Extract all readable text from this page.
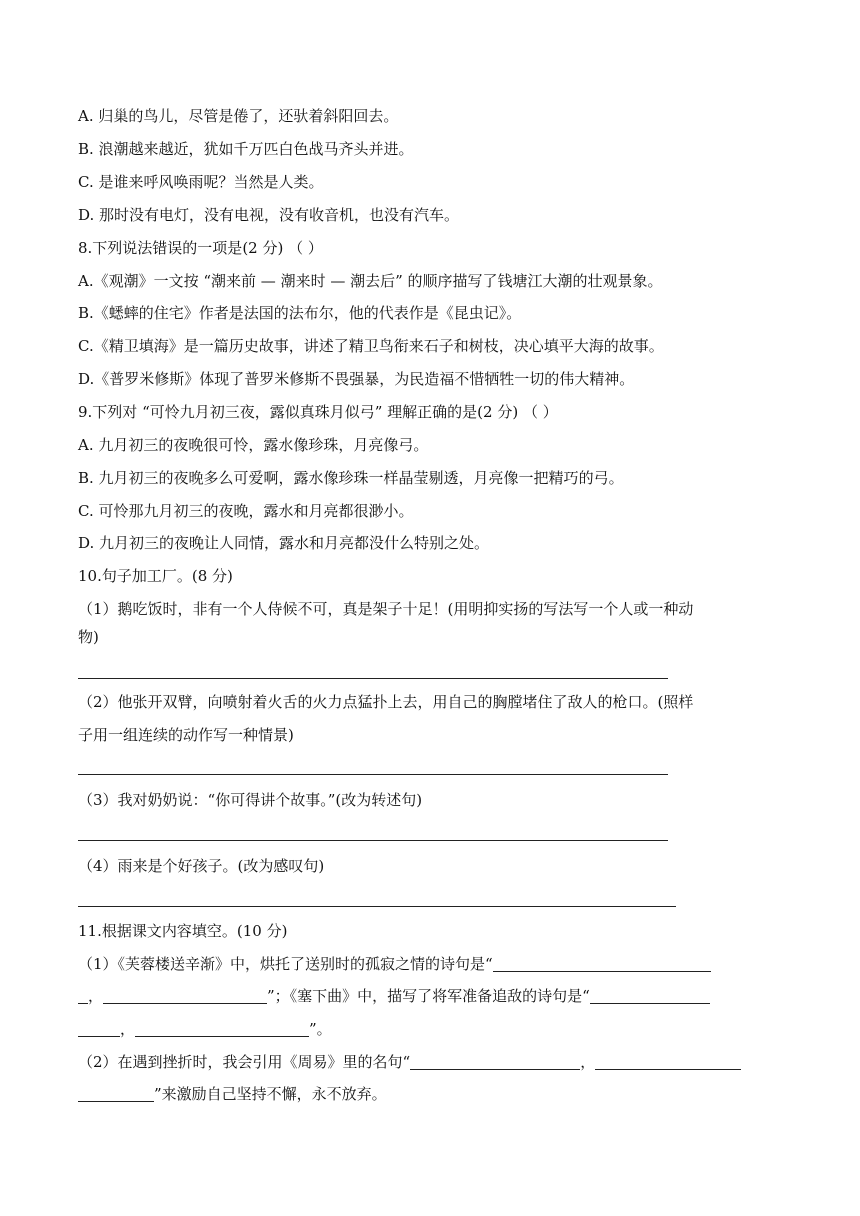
A. 归巢的鸟儿，尽管是倦了，还驮着斜阳回去。
B. 浪潮越来越近，犹如千万匹白色战马齐头并进。
C. 是谁来呼风唤雨呢？当然是人类。
D. 那时没有电灯，没有电视，没有收音机，也没有汽车。
8.下列说法错误的一项是(2 分) （ ）
A.《观潮》一文按 “潮来前 — 潮来时 — 潮去后” 的顺序描写了钱塘江大潮的壮观景象。
B.《蟋蟀的住宅》作者是法国的法布尔，他的代表作是《昆虫记》。
C.《精卫填海》是一篇历史故事，讲述了精卫鸟衔来石子和树枝，决心填平大海的故事。
D.《普罗米修斯》体现了普罗米修斯不畏强暴，为民造福不惜牺牲一切的伟大精神。
9.下列对 “可怜九月初三夜，露似真珠月似弓” 理解正确的是(2 分) （ ）
A. 九月初三的夜晚很可怜，露水像珍珠，月亮像弓。
B. 九月初三的夜晚多么可爱啊，露水像珍珠一样晶莹剔透，月亮像一把精巧的弓。
C. 可怜那九月初三的夜晚，露水和月亮都很渺小。
D. 九月初三的夜晚让人同情，露水和月亮都没什么特别之处。
10.句子加工厂。(8 分)
（1）鹅吃饭时，非有一个人侍候不可，真是架子十足！(用明抑实扬的写法写一个人或一种动
物)
（2）他张开双臂，向喷射着火舌的火力点猛扑上去，用自己的胸膛堵住了敌人的枪口。(照样
子用一组连续的动作写一种情景)
（3）我对奶奶说：“你可得讲个故事。”(改为转述句)
（4）雨来是个好孩子。(改为感叹句)
11.根据课文内容填空。(10 分)
（1）《芙蓉楼送辛渐》中，烘托了送别时的孤寂之情的诗句是“
，	”；《塞下曲》中，描写了将军准备追敌的诗句是“
，	”。
（2）在遇到挫折时，我会引用《周易》里的名句“	，
”来激励自己坚持不懈，永不放弃。
